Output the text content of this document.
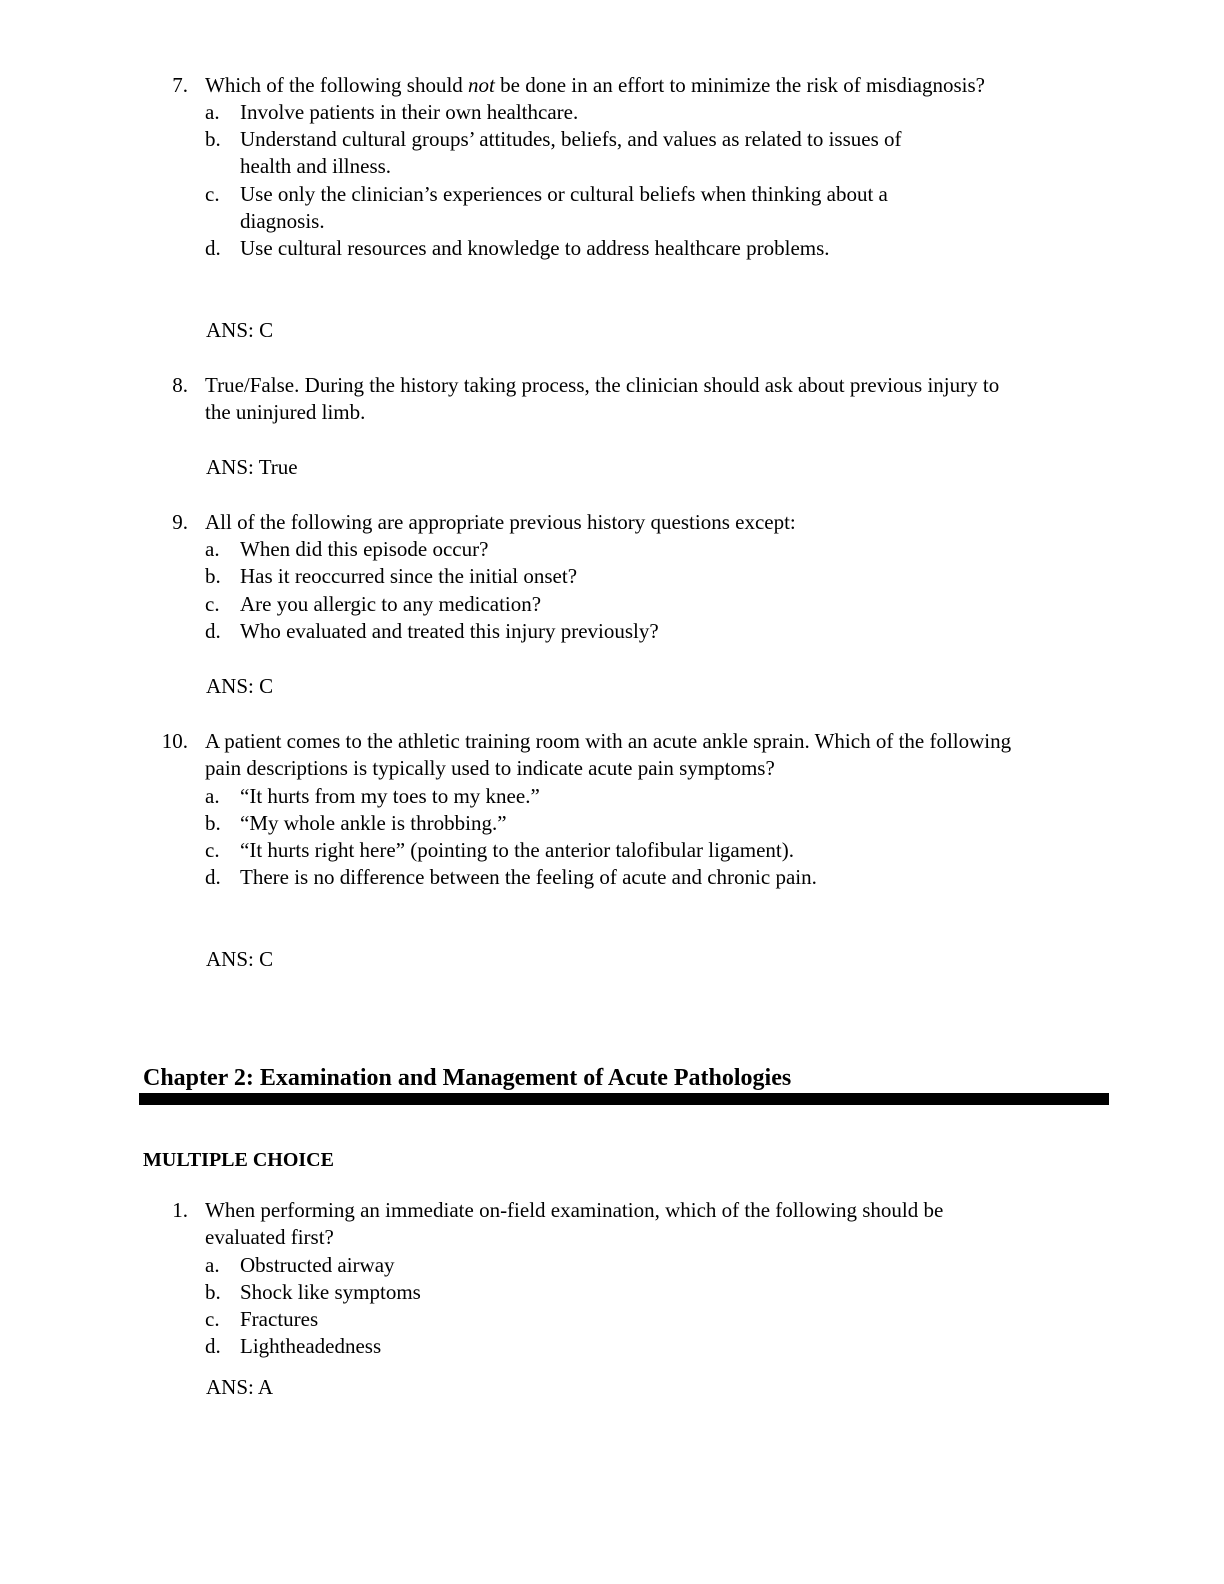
7. Which of the following should not be done in an effort to minimize the risk of misdiagnosis?
a. Involve patients in their own healthcare.
b. Understand cultural groups’ attitudes, beliefs, and values as related to issues of
health and illness.
c. Use only the clinician’s experiences or cultural beliefs when thinking about a
diagnosis.
d. Use cultural resources and knowledge to address healthcare problems.
ANS: C
8. True/False. During the history taking process, the clinician should ask about previous injury to
the uninjured limb.
ANS: True
9. All of the following are appropriate previous history questions except:
a. When did this episode occur?
b. Has it reoccurred since the initial onset?
c. Are you allergic to any medication?
d. Who evaluated and treated this injury previously?
ANS: C
10. A patient comes to the athletic training room with an acute ankle sprain. Which of the following
pain descriptions is typically used to indicate acute pain symptoms?
a. “It hurts from my toes to my knee.”
b. “My whole ankle is throbbing.”
c. “It hurts right here” (pointing to the anterior talofibular ligament).
d. There is no difference between the feeling of acute and chronic pain.
ANS: C
Chapter 2: Examination and Management of Acute Pathologies
MULTIPLE CHOICE
1. When performing an immediate on-field examination, which of the following should be
evaluated first?
a. Obstructed airway
b. Shock like symptoms
c. Fractures
d. Lightheadedness
ANS: A
